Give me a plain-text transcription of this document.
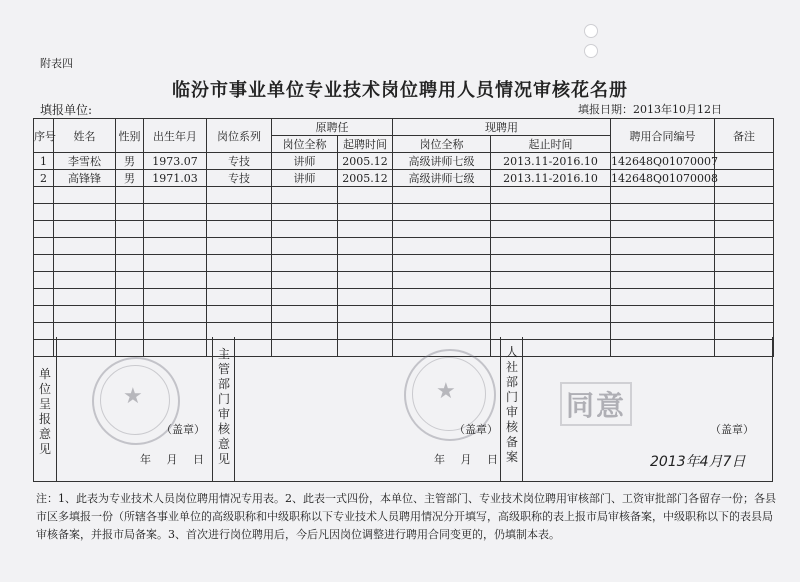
附表四
临汾市事业单位专业技术岗位聘用人员情况审核花名册
填报单位:	填报日期：2013年10月12日
序号	姓名	性别	出生年月	岗位系列	原聘任		现聘用		聘用合同编号	备注
					岗位全称	起聘时间	岗位全称	起止时间		
1	李雪松	男	1973.07	专技	讲师	2005.12	高级讲师七级	2013.11-2016.10	142648Q01070007	
2	高锋锋	男	1971.03	专技	讲师	2005.12	高级讲师七级	2013.11-2016.10	142648Q01070008	

单位呈报意见
主管部门审核意见
人社部门审核备案
★	★
（盖章）
年 月 日
（盖章）
年 月 日
（盖章）
同意
2013年4月7日
注：1、此表为专业技术人员岗位聘用情况专用表。2、此表一式四份，本单位、主管部门、专业技术岗位聘用审核部门、工资审批部门各留存一份；各县市区多填报一份（所辖各事业单位的高级职称和中级职称以下专业技术人员聘用情况分开填写，高级职称的表上报市局审核备案，中级职称以下的表县局审核备案，并报市局备案。3、首次进行岗位聘用后，今后凡因岗位调整进行聘用合同变更的，仍填制本表。
